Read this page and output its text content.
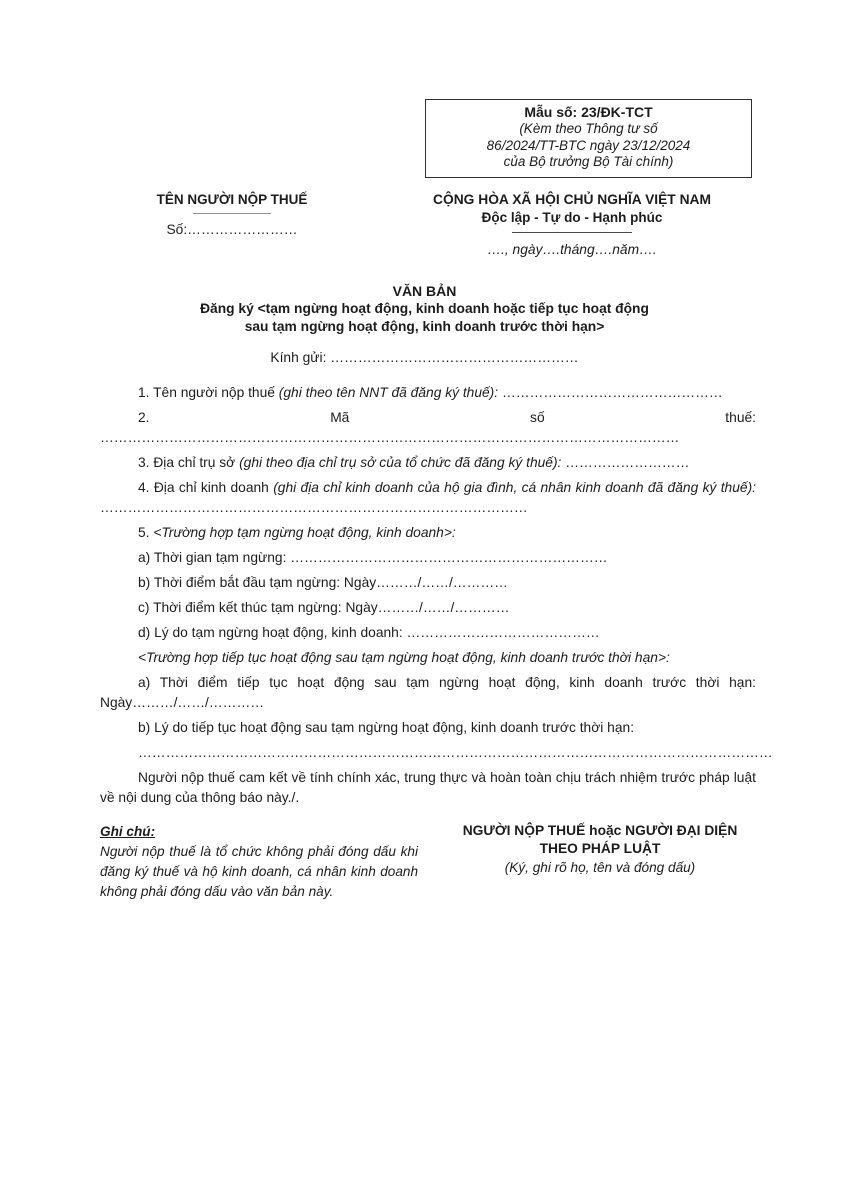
Mẫu số: 23/ĐK-TCT
(Kèm theo Thông tư số
86/2024/TT-BTC ngày 23/12/2024
của Bộ trưởng Bộ Tài chính)
TÊN NGƯỜI NỘP THUẾ
Số:……………………
CỘNG HÒA XÃ HỘI CHỦ NGHĨA VIỆT NAM
Độc lập - Tự do - Hạnh phúc
…., ngày….tháng….năm….
VĂN BẢN
Đăng ký <tạm ngừng hoạt động, kinh doanh hoặc tiếp tục hoạt động
sau tạm ngừng hoạt động, kinh doanh trước thời hạn>
Kính gửi: ………………………………………………

1. Tên người nộp thuế (ghi theo tên NNT đã đăng ký thuế): …………………………………………

2. Mã số thuế: ………………………………………………………………………………………………………………

3. Địa chỉ trụ sở (ghi theo địa chỉ trụ sở của tổ chức đã đăng ký thuế): ………………………

4. Địa chỉ kinh doanh (ghi địa chỉ kinh doanh của hộ gia đình, cá nhân kinh doanh đã đăng ký thuế): …………………………………………………………………………………

5. <Trường hợp tạm ngừng hoạt động, kinh doanh>:

a) Thời gian tạm ngừng: ……………………………………………………………

b) Thời điểm bắt đầu tạm ngừng: Ngày………/……/…………

c) Thời điểm kết thúc tạm ngừng: Ngày………/……/…………

d) Lý do tạm ngừng hoạt động, kinh doanh: ……………………………………

<Trường hợp tiếp tục hoạt động sau tạm ngừng hoạt động, kinh doanh trước thời hạn>:

a) Thời điểm tiếp tục hoạt động sau tạm ngừng hoạt động, kinh doanh trước thời hạn: Ngày………/……/…………

b) Lý do tiếp tục hoạt động sau tạm ngừng hoạt động, kinh doanh trước thời hạn:

…………………………………………………………………………………………………………………………

Người nộp thuế cam kết về tính chính xác, trung thực và hoàn toàn chịu trách nhiệm trước pháp luật về nội dung của thông báo này./.

Ghi chú:
Người nộp thuế là tổ chức không phải đóng dấu khi đăng ký thuế và hộ kinh doanh, cá nhân kinh doanh không phải đóng dấu vào văn bản này.
NGƯỜI NỘP THUẾ hoặc NGƯỜI ĐẠI DIỆN
THEO PHÁP LUẬT
(Ký, ghi rõ họ, tên và đóng dấu)
